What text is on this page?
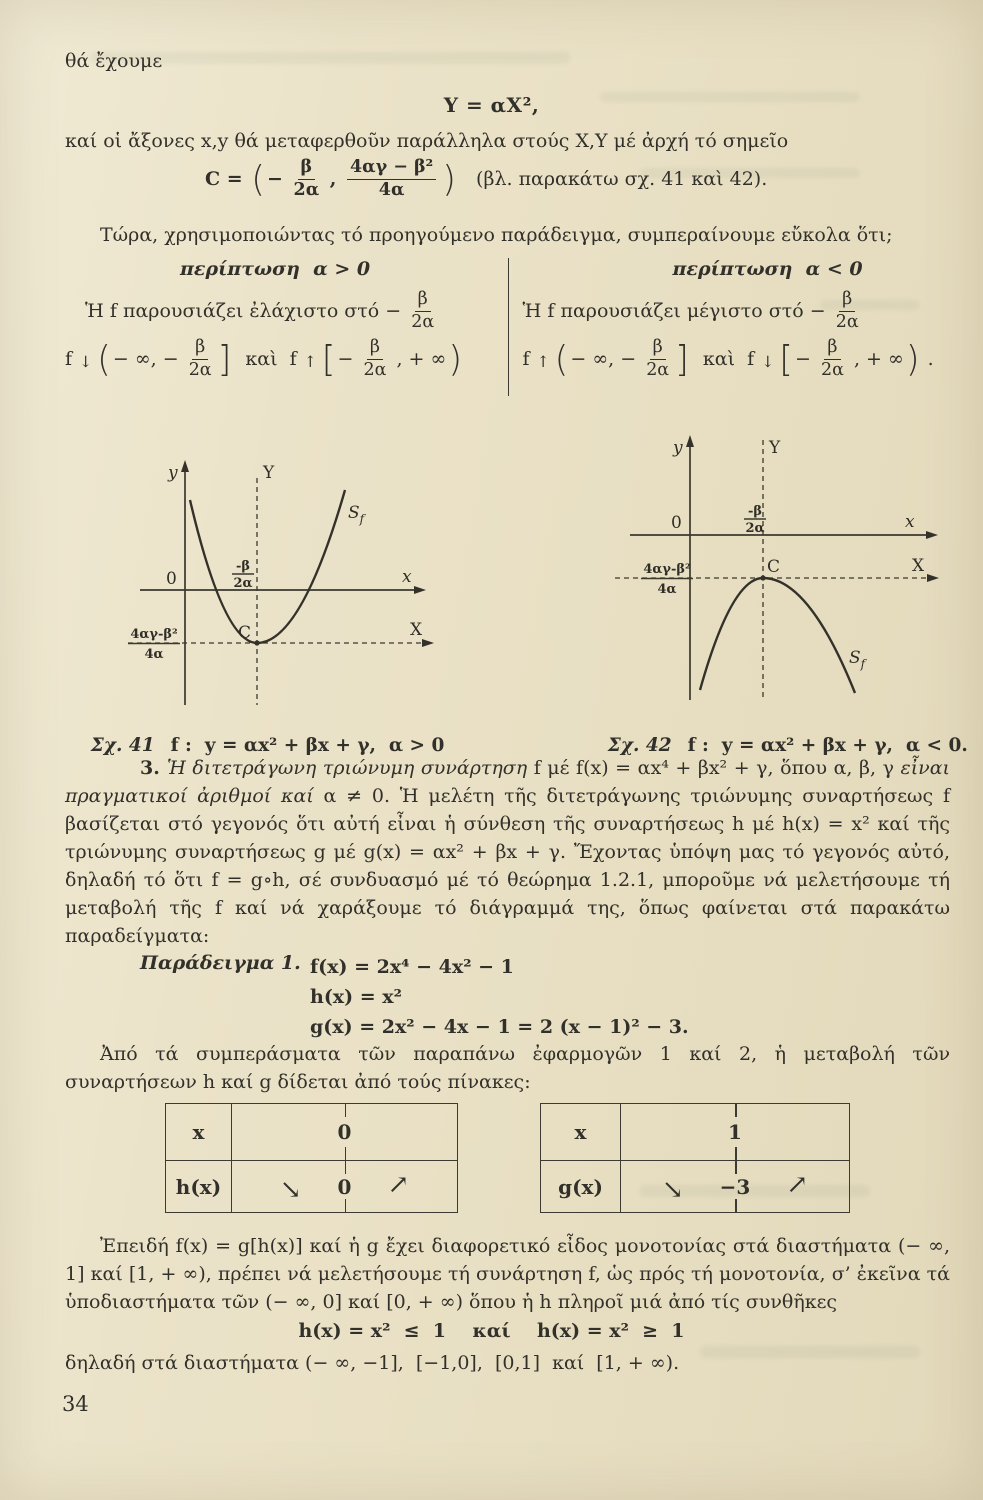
θά ἔχουμε
Y = αX²,
καί οἱ ἄξονες x,y θά μεταφερθοῦν παράλληλα στούς X,Y μέ ἀρχή τό σημεῖο
C = ( − $\frac{\beta}{2\alpha}$ , $\frac{\text{4αγ − β²}}{4\alpha}$ ) (βλ. παρακάτω σχ. 41 καὶ 42).
Τώρα, χρησιμοποιώντας τό προηγούμενο παράδειγμα, συμπεραίνουμε εὔκολα ὅτι;
περίπτωση  α > 0
Ἡ f παρουσιάζει ἐλάχιστο $\sigma\tau ό - \frac{\beta}{2\alpha}$
f ↓ ( − ∞, − $\frac{\beta}{2\alpha}$ ] καὶ  f ↑ [ − $\frac{\beta}{2\alpha}$ , + ∞ )
περίπτωση  α < 0
Ἡ f παρουσιάζει μέγιστο $\sigma\tau ό - \frac{\beta}{2\alpha}$
f ↑ ( − ∞, − $\frac{\beta}{2\alpha}$ ] καὶ  f ↓ [ − $\frac{\beta}{2\alpha}$ , + ∞ ) .
y	Y
x
X
0
-β
2α
4αγ-β²
4α
C
$S_f$
y	Y
x
X
0
-β
2α
4αγ-β²
4α
C
$S_f$

Σχ. 41 f :  y = αx² + βx + γ,  α > 0
	Σχ. 42 f :  y = αx² + βx + γ,  α < 0.

3. Ἡ διτετράγωνη τριώνυμη συνάρτηση f μέ f(x) = αx⁴ + βx² + γ, ὅπου α, β, γ εἶναι πραγματικοί ἀριθμοί καί α ≠ 0. Ἡ μελέτη τῆς διτετράγωνης τριώνυμης συναρτήσεως f βασίζεται στό γεγονός ὅτι αὐτή εἶναι ἡ σύνθεση τῆς συναρτήσεως h μέ h(x) = x² καί τῆς τριώνυμης συναρτήσεως g μέ g(x) = αx² + βx + γ. Ἔχοντας ὑπόψη μας τό γεγονός αὐτό, δηλαδή τό ὅτι f = g∘h, σέ συνδυασμό μέ τό θεώρημα 1.2.1, μποροῦμε νά μελετήσουμε τή μεταβολή τῆς f καί νά χαράξουμε τό διάγραμμά της, ὅπως φαίνεται στά παρακάτω παραδείγματα:
Παράδειγμα 1. f(x) = 2x⁴ − 4x² − 1
h(x) = x²
g(x) = 2x² − 4x − 1 = 2 (x − 1)² − 3.
Ἀπό τά συμπεράσματα τῶν παραπάνω ἐφαρμογῶν 1 καί 2, ἡ μεταβολή τῶν συναρτήσεων h καί g δίδεται ἀπό τούς πίνακες:
x	0
h(x)	↘ 0 ↗
x	1
g(x)	↘ −3 ↗
Ἐπειδή f(x) = g[h(x)] καί ἡ g ἔχει διαφορετικό εἶδος μονοτονίας στά διαστήματα (− ∞, 1] καί [1, + ∞), πρέπει νά μελετήσουμε τή συνάρτηση f, ὡς πρός τή μονοτονία, σ’ ἐκεῖνα τά ὑποδιαστήματα τῶν (− ∞, 0] καί [0, + ∞) ὅπου ἡ h πληροῖ μιά ἀπό τίς συνθῆκες
h(x) = x²  ≤  1    καί    h(x) = x²  ≥  1
δηλαδή στά διαστήματα (− ∞, −1],  [−1,0],  [0,1]  καί  [1, + ∞).
34
